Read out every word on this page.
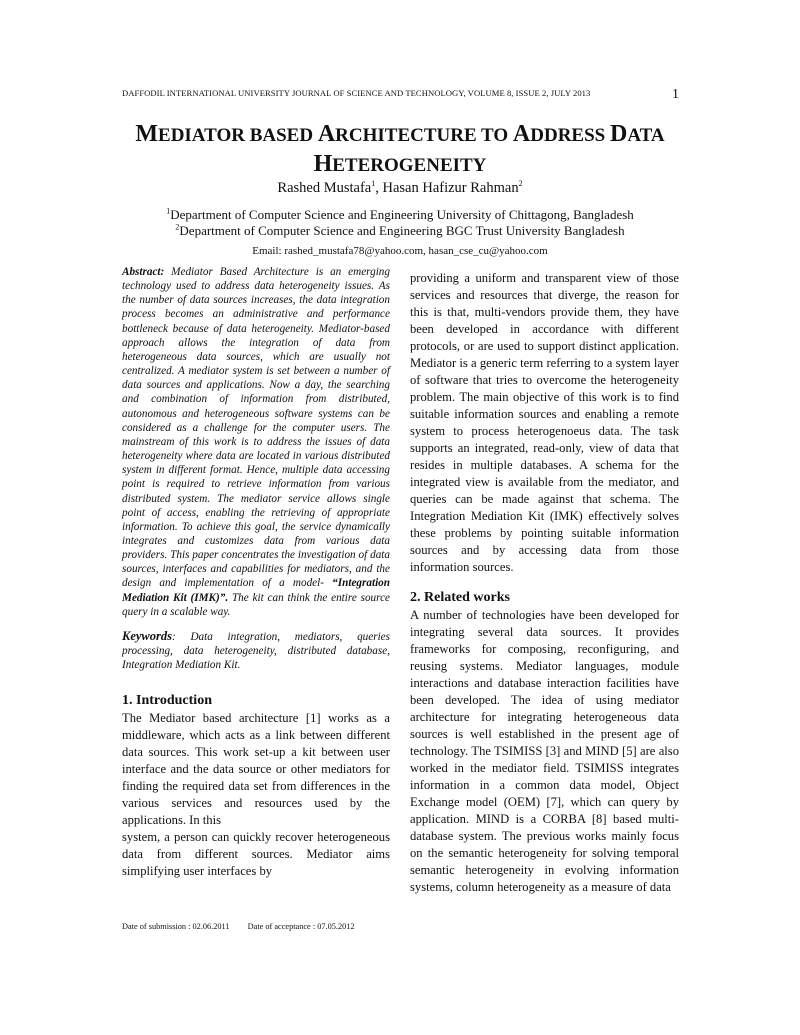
DAFFODIL INTERNATIONAL UNIVERSITY JOURNAL OF SCIENCE AND TECHNOLOGY, VOLUME 8, ISSUE 2, JULY 2013	1
MEDIATOR BASED ARCHITECTURE TO ADDRESS DATA
HETEROGENEITY
Rashed Mustafa$^1$, Hasan Hafizur Rahman$^2$
$^1$Department of Computer Science and Engineering University of Chittagong, Bangladesh
$^2$Department of Computer Science and Engineering BGC Trust University Bangladesh
Email: rashed_mustafa78@yahoo.com, hasan_cse_cu@yahoo.com

Abstract: Mediator Based Architecture is an emerging technology used to address data heterogeneity issues. As the number of data sources increases, the data integration process becomes an administrative and performance bottleneck because of data heterogeneity. Mediator-based approach allows the integration of data from heterogeneous data sources, which are usually not centralized. A mediator system is set between a number of data sources and applications. Now a day, the searching and combination of information from distributed, autonomous and heterogeneous software systems can be considered as a challenge for the computer users. The mainstream of this work is to address the issues of data heterogeneity where data are located in various distributed system in different format. Hence, multiple data accessing point is required to retrieve information from various distributed system. The mediator service allows single point of access, enabling the retrieving of appropriate information. To achieve this goal, the service dynamically integrates and customizes data from various data providers. This paper concentrates the investigation of data sources, interfaces and capabilities for mediators, and the design and implementation of a model- “Integration Mediation Kit (IMK)”. The kit can think the entire source query in a scalable way.

Keywords: Data integration, mediators, queries processing, data heterogeneity, distributed database, Integration Mediation Kit.

1. Introduction

The Mediator based architecture [1] works as a middleware, which acts as a link between different data sources. This work set-up a kit between user interface and the data source or other mediators for finding the required data set from differences in the various services and resources used by the applications. In this

system, a person can quickly recover heterogeneous data from different sources. Mediator aims simplifying user interfaces by

providing a uniform and transparent view of those services and resources that diverge, the reason for this is that, multi-vendors provide them, they have been developed in accordance with different protocols, or are used to support distinct application. Mediator is a generic term referring to a system layer of software that tries to overcome the heterogeneity problem. The main objective of this work is to find suitable information sources and enabling a remote system to process heterogenoeus data. The task supports an integrated, read-only, view of data that resides in multiple databases. A schema for the integrated view is available from the mediator, and queries can be made against that schema. The Integration Mediation Kit (IMK) effectively solves these problems by pointing suitable information sources and by accessing data from those information sources.

2. Related works

A number of technologies have been developed for integrating several data sources. It provides frameworks for composing, reconfiguring, and reusing systems. Mediator languages, module interactions and database interaction facilities have been developed. The idea of using mediator architecture for integrating heterogeneous data sources is well established in the present age of technology. The TSIMISS [3] and MIND [5] are also worked in the mediator field. TSIMISS integrates information in a common data model, Object Exchange model (OEM) [7], which can query by application. MIND is a CORBA [8] based multi-database system. The previous works mainly focus on the semantic heterogeneity for solving temporal semantic heterogeneity in evolving information systems, column heterogeneity as a measure of data

Date of submission : 02.06.2011 Date of acceptance : 07.05.2012
